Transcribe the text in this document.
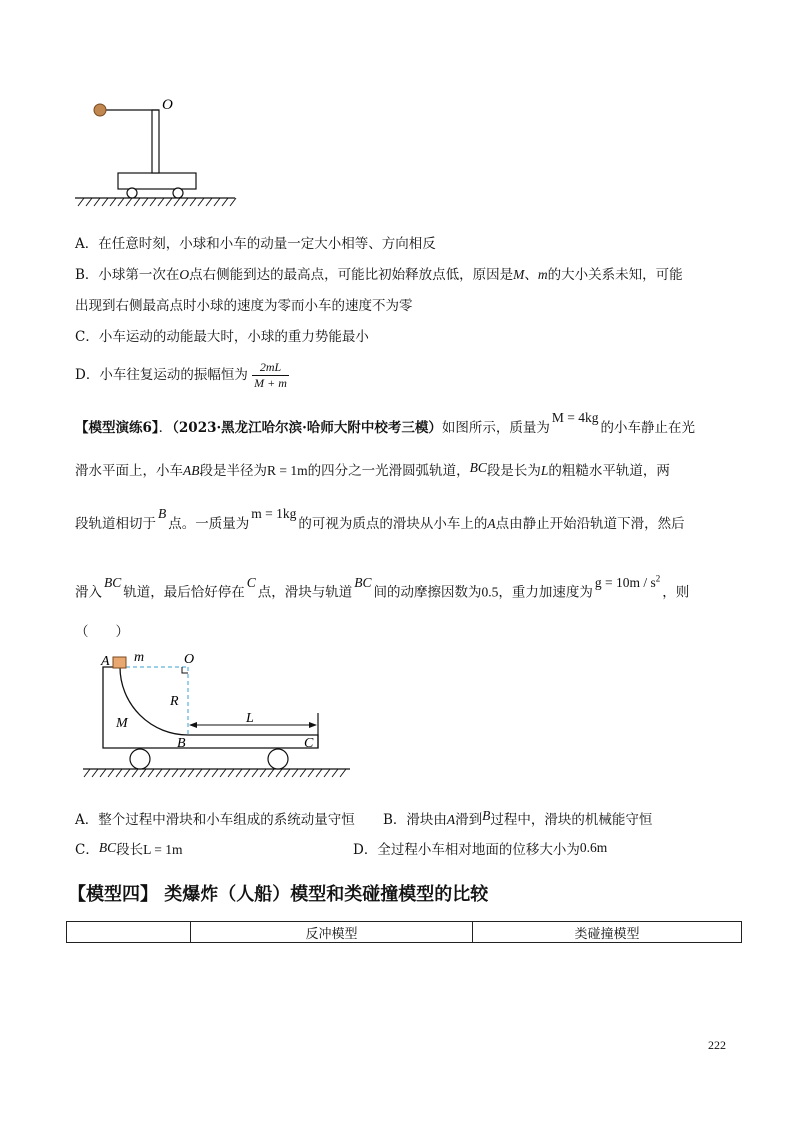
O
A．在任意时刻，小球和小车的动量一定大小相等、方向相反
B．小球第一次在O点右侧能到达的最高点，可能比初始释放点低，原因是M、m的大小关系未知，可能
出现到右侧最高点时小球的速度为零而小车的速度不为零
C．小车运动的动能最大时，小球的重力势能最小
D．小车往复运动的振幅恒为 $\frac{2mL}{M + m}$
【模型演练6】．（2023·黑龙江哈尔滨·哈师大附中校考三模）如图所示，质量为M = 4kg的小车静止在光
滑水平面上，小车AB段是半径为R = 1m的四分之一光滑圆弧轨道，BC段是长为L的粗糙水平轨道，两
段轨道相切于B点。一质量为m = 1kg的可视为质点的滑块从小车上的A点由静止开始沿轨道下滑，然后
滑入BC轨道，最后恰好停在C点，滑块与轨道BC间的动摩擦因数为0.5，重力加速度为$g = 10m / s^2$，则
（　　）
A m	O
R
M	L
B	C
A．整个过程中滑块和小车组成的系统动量守恒 B．滑块由A滑到B过程中，滑块的机械能守恒
C．BC段长L = 1m	D．全过程小车相对地面的位移大小为0.6m
【模型四】 类爆炸（人船）模型和类碰撞模型的比较
	反冲模型	类碰撞模型
222
